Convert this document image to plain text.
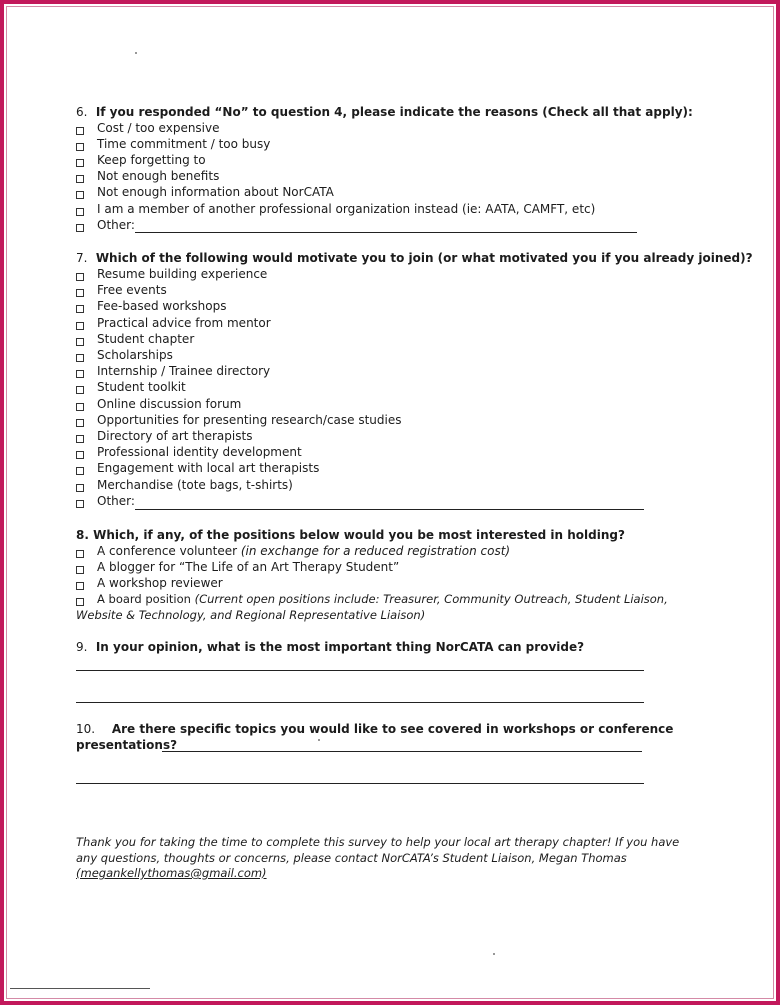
6. If you responded “No” to question 4, please indicate the reasons (Check all that apply):
Cost / too expensive
Time commitment / too busy
Keep forgetting to
Not enough benefits
Not enough information about NorCATA
I am a member of another professional organization instead (ie: AATA, CAMFT, etc)
Other:
7. Which of the following would motivate you to join (or what motivated you if you already joined)?
Resume building experience
Free events
Fee-based workshops
Practical advice from mentor
Student chapter
Scholarships
Internship / Trainee directory
Student toolkit
Online discussion forum
Opportunities for presenting research/case studies
Directory of art therapists
Professional identity development
Engagement with local art therapists
Merchandise (tote bags, t-shirts)
Other:
8. Which, if any, of the positions below would you be most interested in holding?
A conference volunteer (in exchange for a reduced registration cost)
A blogger for “The Life of an Art Therapy Student”
A workshop reviewer
A board position (Current open positions include: Treasurer, Community Outreach, Student Liaison,
Website & Technology, and Regional Representative Liaison)
9. In your opinion, what is the most important thing NorCATA can provide?
10. Are there specific topics you would like to see covered in workshops or conference
presentations?
Thank you for taking the time to complete this survey to help your local art therapy chapter! If you have
any questions, thoughts or concerns, please contact NorCATA’s Student Liaison, Megan Thomas
(megankellythomas@gmail.com)
